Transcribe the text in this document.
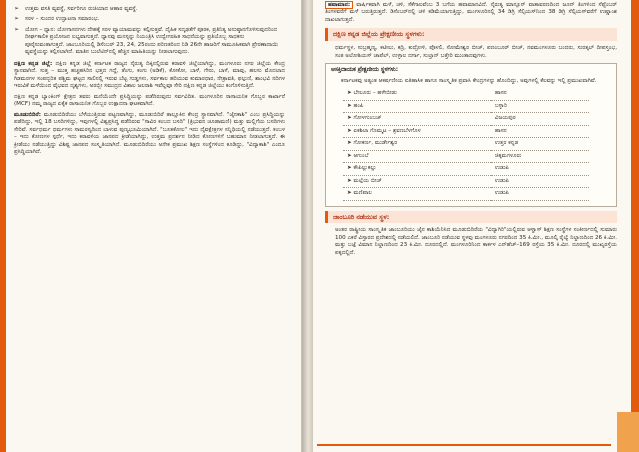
➢ ಉತ್ತಮ ವಸತಿ ವ್ಯವಸ್ಥೆ, ಸರ್ವರಿಗೂ ರುಚಿಯಾದ ಆಹಾರ ವ್ಯವಸ್ಥೆ.
➢ ಸರಳ – ಸುಂದರ ಉದ್ಘಾಟನಾ ಸಮಾರಂಭ.
➢ ಯೋಗ – ಧ್ಯಾನ: ಯೋಗಾಸನಗಳು ದೇಹಕ್ಕೆ ಸರಳ ವ್ಯಾಯಾಮವನ್ನು ಕಲ್ಪಿಸುತ್ತವೆ. ದೈಹಿಕ ಸದೃಢತೆಗೆ ಪೂರಕ, ಪ್ರತಿನಿತ್ಯ ಅನುಷ್ಠಾನಗೊಳಿಸುವುದರಿಂದ ದೀರ್ಘಕಾಲಿಕ ಪ್ರಯೋಜನ ಲಭ್ಯವಾಗುತ್ತದೆ. ಧ್ಯಾನವು ಮನಸ್ಸನ್ನು ನಿಯಂತ್ರಿಸಿ ಉದ್ವೇಗರಹಿತ ಸಾಧನೆಯನ್ನು ಪ್ರತಿಯೊಬ್ಬ ಸಾಧಕನು ಪೂರೈಸುವಂತಾಗುತ್ತದೆ. ಜಾಂಬೂರಿಯಲ್ಲಿ ಡಿಸೆಂಬರ್ 23, 24, 25ರಂದು ಪರಿಣತರಿಂದ ನಿಡಿ 26ನೇ ಹಾಜರಿಗೆ ಸಾಮೂಹಿಕವಾಗಿ ಪ್ರೇರಣಾದಾಯಿ ವ್ಯವಸ್ಥೆಯನ್ನು ಕಲ್ಪಿಸಲಾಗಿದೆ. ಮಾತಿನ ಬುಲೆಟಿನ್‌ನಲ್ಲಿ ಹೆಚ್ಚಿನ ಮಾಹಿತಿಯನ್ನು ನೀಡಲಾಗುವುದು.

ದಕ್ಷಿಣ ಕನ್ನಡ ಜಿಲ್ಲೆ: ದಕ್ಷಿಣ ಕನ್ನಡ ಜಿಲ್ಲೆ ಕರ್ನಾಟಕ ರಾಜ್ಯದ ನೈರುತ್ಯ ದಿಕ್ಕಿನಲ್ಲಿರುವ ಕರಾವಳಿ ಜಿಲ್ಲೆಯಾಗಿದ್ದು, ಮಂಗಳೂರು ನಗರ ಜಿಲ್ಲೆಯ ಕೇಂದ್ರ ಸ್ಥಾನವಾಗಿದೆ. ಸುತ್ತ – ಮುತ್ತ ಹಚ್ಚಹಸಿರಿನ ಭತ್ತದ ಗದ್ದೆ, ತೆಂಗು, ಕಂಗು (ಅಡಿಕೆ), ಕೋಕೋ, ಬಾಳೆ, ಗೇರು, ಬಾಳೆ, ಮಾವು, ಹಲಸು ಮೊದಲಾದ ಗಿಡಮರಗಳ ಸಂಪದ್ಭರಿತ ಪಶ್ಚಿಮ ಘಟ್ಟದ ಸಾಲಿನಲ್ಲಿ ಇರುವ ಬೆಟ್ಟ ಗುಡ್ಡಗಳು, ಸರ್ವಕಾಲ ಹರಿಯುವ ಕುಮಾರಧಾರ, ನೇತ್ರಾವತಿ, ಫಲ್ಗುಣಿ, ಶಾಂಭವಿ ನದಿಗಳ ಇರುವಿಕೆ ಮಳೆಯಿಂದ ವೈಭವದ ದೃಶ್ಯಗಳು, ಅರಬ್ಬೀ ಸಮುದ್ರದ ವಿಶಾಲ ಜಲರಾಶಿ ಇವೆಲ್ಲವೂ ಸೇರಿ ದಕ್ಷಿಣ ಕನ್ನಡ ಜಿಲ್ಲೆಯು ಕಂಗೊಳಿಸುತ್ತಿದೆ.

ದಕ್ಷಿಣ ಕನ್ನಡ ಬ್ಯಾಂಕಿಂಗ್ ಕ್ಷೇತ್ರದ ತವರು ಮನೆಯೆಂದೇ ಪ್ರಸಿದ್ಧಿಯನ್ನು ಪಡೆದಿರುವುದು ಸರ್ವವಿದಿತ. ಮಂಗಳೂರಿನ ರಾಸಾಯನಿಕ ಗೊಬ್ಬರ ಕಾರ್ಖಾನೆ (MCF) ನಮ್ಮ ರಾಜ್ಯದ ಏಕೈಕ ರಾಸಾಯನಿಕ ಗೊಬ್ಬರ ಉತ್ಪಾದನಾ ಘಟಕವಾಗಿದೆ.

ಮೂಡುಬಿದಿರೆ: ಮೂಡುಬಿದಿರೆಯು ಬೆಳೆಯುತ್ತಿರುವ ಪಟ್ಟಣವಾಗಿದ್ದು, ಮೂಡುಬಿದಿರೆ ತಾಲ್ಲೂಕಿನ ಕೇಂದ್ರ ಸ್ಥಾನವಾಗಿದೆ. "ಜೈನಕಾಶಿ" ಎಂಬ ಪ್ರಸಿದ್ಧಿಯನ್ನು ಪಡೆದಿದ್ದು, ಇಲ್ಲಿ 18 ಬಸದಿಗಳಿದ್ದು, ಇವುಗಳಲ್ಲಿ ವಿಶ್ವಪ್ರಸಿದ್ಧ ಪಡೆದಿರುವ "ಸಾವಿರ ಕಂಬದ ಬಸದಿ" (ತ್ರಿಭುವನ ಚೂಡಾಮಣಿ) ಮತ್ತು ಮಲ್ಲಿಗೆಯ ಬಸದಿಗಳು ಸೇರಿವೆ. ಸರ್ವಧರ್ಮ ಧರ್ಮಗಳು ಸಾಮರಸ್ಯದಿಂದ ಬಾಳುವ ಪುಣ್ಯಭೂಮಿಯಾಗಿದೆ. "ಬೂತಕೋಲ" ಇದು ದೈವಕ್ಷೇತ್ರಗಳ ಸನ್ನಿಧಿಯಲ್ಲಿ ನಡೆಯುತ್ತದೆ. ಕಂಬಳ – ಇದು ಕೋಣಗಳ ಸ್ಪರ್ಧೆ, ಇದು ಕರಾವಳಿಯ ಜಾನಪದ ಕ್ರೀಡೆಯಾಗಿದ್ದು, ಉತ್ತಮ ಪ್ರದರ್ಶನ ನೀಡಿದ ಕೋಣಗಳಿಗೆ ಬಹುಮಾನ ನೀಡಲಾಗುತ್ತದೆ. ಈ ಕ್ರೀಡೆಯು ನಡೆಯುತ್ತಿದ್ದು ವಿಶಿಷ್ಟ ಜಾನಪದ ಸಂಸ್ಕೃತಿಯಾಗಿದೆ. ಮೂಡುಬಿದಿರೆಯು ಅನೇಕ ಪ್ರಮುಖ ಶಿಕ್ಷಣ ಸಂಸ್ಥೆಗಳಿಂದ ಕೂಡಿದ್ದು, "ವಿದ್ಯಾಕಾಶಿ" ಎಂದೂ ಪ್ರಸಿದ್ಧಿಯಾಗಿದೆ.

ಹವಾಮಾನ: ವಾರ್ಷಿಕವಾಗಿ ಮಳೆ, ಚಳಿ, ಸೆಕೆಗಾಲವೆಂಬ 3 ಬಗೆಯ ಹವಾಮಾನವಿದೆ. ನೈರುತ್ಯ ಮಾನ್ಸೂನ್ ವಾತಾವರಣದಿಂದ ಜೂನ್ ತಿಂಗಳಿಂದ ಸೆಪ್ಟೆಂಬರ್ ತಿಂಗಳವರೆಗೆ ಮಳೆ ಬರುತ್ತಿರುತ್ತದೆ. ಡಿಸೆಂಬರ್‌ನಲ್ಲಿ ಚಳಿ ಕಡಿಮೆಯಾಗುತ್ತಿದ್ದು, ಮಂಗಳೂರಿನಲ್ಲಿ 34 ಡಿಗ್ರಿ ಸೆಲ್ಸಿಯಸ್‌ನಿಂದ 38 ಡಿಗ್ರಿ ಸೆಲ್ಸಿಯಸ್‌ವರೆಗೆ ಉಷ್ಣಾಂಶ ದಾಖಲಾಗುತ್ತದೆ.

ದಕ್ಷಿಣ ಕನ್ನಡ ಜಿಲ್ಲೆಯ ಪ್ರೇಕ್ಷಣೀಯ ಸ್ಥಳಗಳು:

ಧರ್ಮಸ್ಥಳ, ಸುಬ್ರಹ್ಮಣ್ಯ, ಕಟೀಲು, ಕದ್ರಿ, ಕುದ್ರೋಳಿ, ಪೊಳಲಿ, ಸೋಮೇಶ್ವರ ಬೀಚ್, ಪಣಂಬೂರ್ ಬೀಚ್, ನವಮಂಗಳೂರು ಬಂದರು, ಸುರತ್ಕಲ್ ದೀಪಸ್ತಂಭ, ಸಂತ ಅಲೋಶಿಯಸ್ ಚಾಪೆಲ್, ಉಳ್ಳಾಲ ದರ್ಗಾ, ಸುಲ್ತಾನ್ ಬತ್ತೇರಿ ಮುಂತಾದವುಗಳು.

ಆಸಕ್ತಿದಾಯಕ ಪ್ರೇಕ್ಷಣೀಯ ಸ್ಥಳಗಳು:

ಕರ್ನಾಟಕವು ಅತ್ಯಂತ ಆಕರ್ಷಣೀಯ ಐತಿಹಾಸಿಕ ಹಾಗೂ ಸಾಂಸ್ಕೃತಿಕ ಪ್ರವಾಸಿ ಕೇಂದ್ರಗಳನ್ನು ಹೊಂದಿದ್ದು, ಅವುಗಳಲ್ಲಿ ಕೆಲವನ್ನು ಇಲ್ಲಿ ಪ್ರಮುಖವಾಗಿವೆ.

➤ ಬೇಲೂರು – ಹಳೇಬೀಡು	ಹಾಸನ
➤ ಹಂಪಿ	ಬಳ್ಳಾರಿ
➤ ಗೋಳಗುಂಬಜ್	ವಿಜಯಪುರ
➤ ಏಕಶಿಲಾ ಗೊಮ್ಮಟ – ಶ್ರವಣಬೆಳಗೊಳ	ಹಾಸನ
➤ ಗೋಕರ್ಣ, ಮುರ್ಡೇಶ್ವರ	ಉತ್ತರ ಕನ್ನಡ
➤ ಆಗುಂಬೆ	ಚಿಕ್ಕಮಗಳೂರು
➤ ಕೌಪಿಲ್ಲುಕಲ್ಲು	ಉಡುಪಿ
➤ ಮಲ್ಪೆಯ ಬೀಚ್	ಉಡುಪಿ
➤ ಮಣಿಪಾಲ	ಉಡುಪಿ
ಜಾಂಬೂರಿ ನಡೆಯುವ ಸ್ಥಳ:

ಅಂತರ ರಾಷ್ಟ್ರೀಯ ಸಾಂಸ್ಕೃತಿಕ ಜಾಂಬೂರಿಯು ಜೈನ ಕಾಶಿಯೆನಿಸಿದ ಮೂಡುಬಿದಿರೆಯ "ವಿದ್ಯಾಗಿರಿ"ಯಲ್ಲಿರುವ ಆಳ್ವಾಸ್ ಶಿಕ್ಷಣ ಸಂಸ್ಥೆಗಳ ಸಂಕೀರ್ಣದಲ್ಲಿ ಸುಮಾರು 100 ಎಕರೆ ವಿಸ್ತಾರದ ಪ್ರದೇಶದಲ್ಲಿ ನಡೆಯಲಿದೆ. ಜಾಂಬೂರಿ ನಡೆಯುವ ಸ್ಥಳವು ಮಂಗಳೂರು ನಗರದಿಂದ 35 ಕಿ.ಮೀ., ಮೂಲ್ಕಿ ರೈಲ್ವೆ ನಿಲ್ದಾಣದಿಂದ 26 ಕಿ.ಮೀ. ಮತ್ತು ಬಜ್ಪೆ ವಿಮಾನ ನಿಲ್ದಾಣದಿಂದ 23 ಕಿ.ಮೀ. ದೂರದಲ್ಲಿದೆ. ಮಂಗಳೂರಿನಿಂದ ಕಾರ್ಕಳ ಎನ್‌ಹೆಚ್–169 ರಸ್ತೆಯ 35 ಕಿ.ಮೀ. ದೂರದಲ್ಲಿ ಮುಖ್ಯರಸ್ತೆಯ ಪಕ್ಕದಲ್ಲಿದೆ.
